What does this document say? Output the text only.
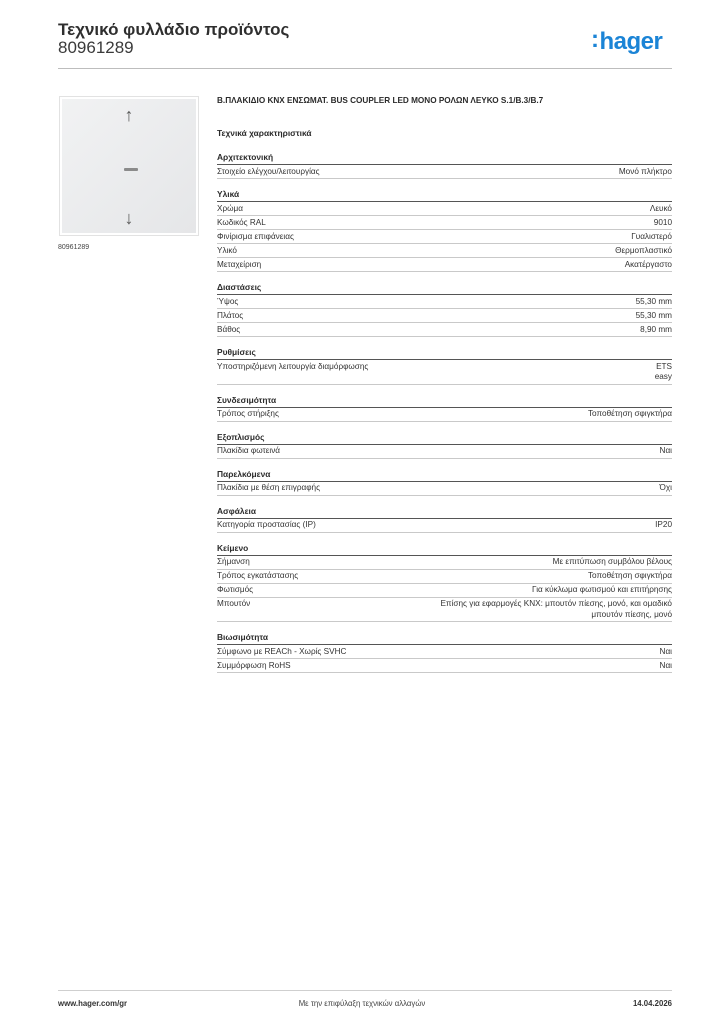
Τεχνικό φυλλάδιο προϊόντος
80961289	:hager
↑
↓
80961289
Β.ΠΛΑΚΙΔΙΟ KNX ΕΝΣΩΜΑΤ. BUS COUPLER LED ΜΟΝΟ ΡΟΛΩΝ ΛΕΥΚΟ S.1/B.3/B.7
Τεχνικά χαρακτηριστικά
Αρχιτεκτονική
Στοιχείο ελέγχου/λειτουργίας	Μονό πλήκτρο
Υλικά
Χρώμα	Λευκό
Κωδικός RAL	9010
Φινίρισμα επιφάνειας	Γυαλιστερό
Υλικό	Θερμοπλαστικό
Μεταχείριση	Ακατέργαστο
Διαστάσεις
Ύψος	55,30 mm
Πλάτος	55,30 mm
Βάθος	8,90 mm
Ρυθμίσεις
Υποστηριζόμενη λειτουργία διαμόρφωσης	ETS
easy
Συνδεσιμότητα
Τρόπος στήριξης	Τοποθέτηση σφιγκτήρα
Εξοπλισμός
Πλακίδια φωτεινά	Ναι
Παρελκόμενα
Πλακίδια με θέση επιγραφής	Όχι
Ασφάλεια
Κατηγορία προστασίας (IP)	IP20
Κείμενο
Σήμανση	Με επιτύπωση συμβόλου βέλους
Τρόπος εγκατάστασης	Τοποθέτηση σφιγκτήρα
Φωτισμός	Για κύκλωμα φωτισμού και επιτήρησης
Μπουτόν	Επίσης για εφαρμογές KNX: μπουτόν πίεσης, μονό, και ομαδικό
μπουτόν πίεσης, μονό
Βιωσιμότητα
Σύμφωνο με REACh - Χωρίς SVHC	Ναι
Συμμόρφωση RoHS	Ναι
www.hager.com/gr	Με την επιφύλαξη τεχνικών αλλαγών	14.04.2026
